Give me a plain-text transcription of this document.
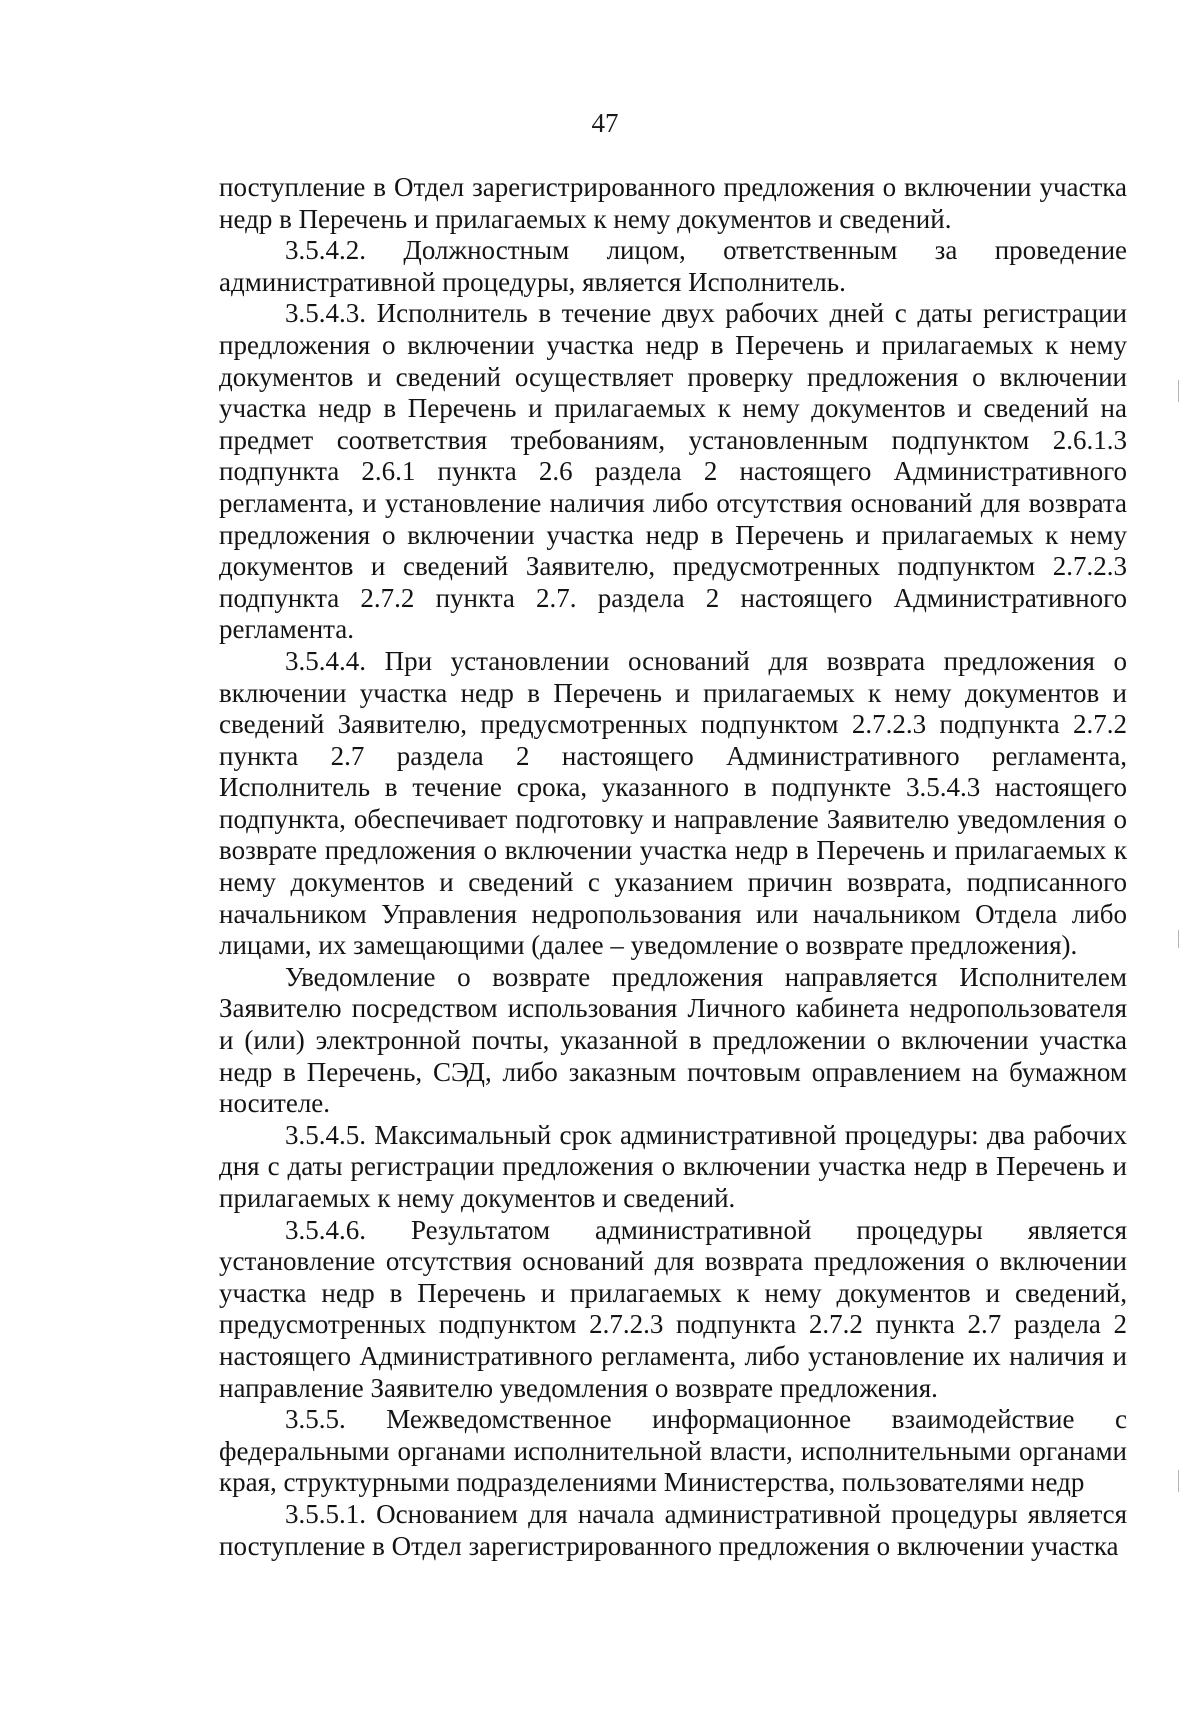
47

поступление в Отдел зарегистрированного предложения о включении участка недр в Перечень и прилагаемых к нему документов и сведений.

3.5.4.2. Должностным лицом, ответственным за проведение административной процедуры, является Исполнитель.

3.5.4.3. Исполнитель в течение двух рабочих дней с даты регистрации предложения о включении участка недр в Перечень и прилагаемых к нему документов и сведений осуществляет проверку предложения о включении участка недр в Перечень и прилагаемых к нему документов и сведений на предмет соответствия требованиям, установленным подпунктом 2.6.1.3 подпункта 2.6.1 пункта 2.6 раздела 2 настоящего Административного регламента, и установление наличия либо отсутствия оснований для возврата предложения о включении участка недр в Перечень и прилагаемых к нему документов и сведений Заявителю, предусмотренных подпунктом 2.7.2.3 подпункта 2.7.2 пункта 2.7. раздела 2 настоящего Административного регламента.

3.5.4.4. При установлении оснований для возврата предложения о включении участка недр в Перечень и прилагаемых к нему документов и сведений Заявителю, предусмотренных подпунктом 2.7.2.3 подпункта 2.7.2 пункта 2.7 раздела 2 настоящего Административного регламента, Исполнитель в течение срока, указанного в подпункте 3.5.4.3 настоящего подпункта, обеспечивает подготовку и направление Заявителю уведомления о возврате предложения о включении участка недр в Перечень и прилагаемых к нему документов и сведений с указанием причин возврата, подписанного начальником Управления недропользования или начальником Отдела либо лицами, их замещающими (далее – уведомление о возврате предложения).

Уведомление о возврате предложения направляется Исполнителем Заявителю посредством использования Личного кабинета недропользователя и (или) электронной почты, указанной в предложении о включении участка недр в Перечень, СЭД, либо заказным почтовым оправлением на бумажном носителе.

3.5.4.5. Максимальный срок административной процедуры: два рабочих дня с даты регистрации предложения о включении участка недр в Перечень и прилагаемых к нему документов и сведений.

3.5.4.6. Результатом административной процедуры является установление отсутствия оснований для возврата предложения о включении участка недр в Перечень и прилагаемых к нему документов и сведений, предусмотренных подпунктом 2.7.2.3 подпункта 2.7.2 пункта 2.7 раздела 2 настоящего Административного регламента, либо установление их наличия и направление Заявителю уведомления о возврате предложения.

3.5.5. Межведомственное информационное взаимодействие с федеральными органами исполнительной власти, исполнительными органами края, структурными подразделениями Министерства, пользователями недр

3.5.5.1. Основанием для начала административной процедуры является поступление в Отдел зарегистрированного предложения о включении участка
